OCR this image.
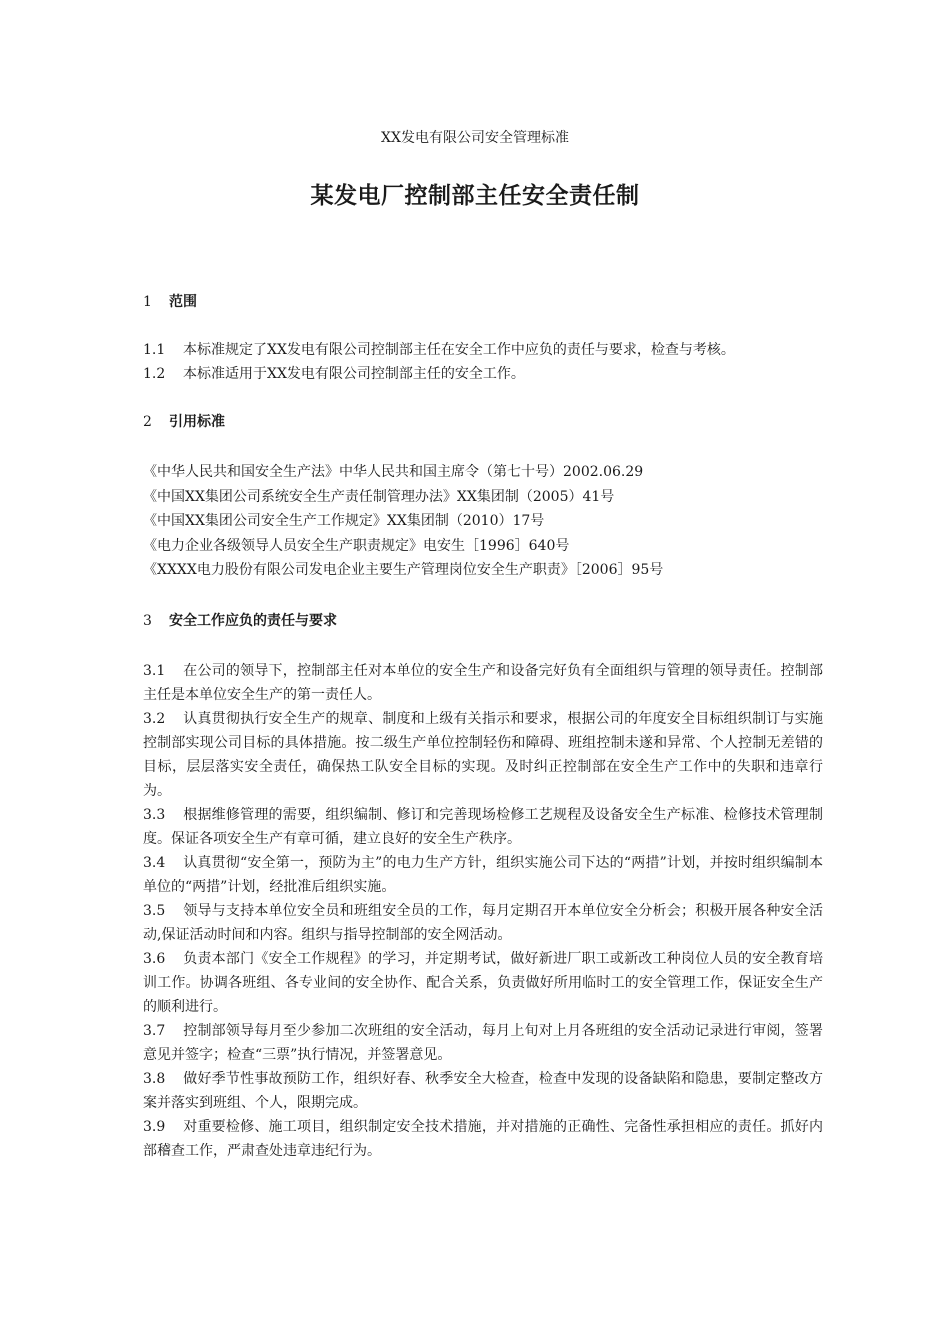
XX发电有限公司安全管理标准
某发电厂控制部主任安全责任制
1 范围

1.1 本标准规定了XX发电有限公司控制部主任在安全工作中应负的责任与要求，检查与考核。

1.2 本标准适用于XX发电有限公司控制部主任的安全工作。

2 引用标准

《中华人民共和国安全生产法》中华人民共和国主席令（第七十号）2002.06.29

《中国XX集团公司系统安全生产责任制管理办法》XX集团制（2005）41号

《中国XX集团公司安全生产工作规定》XX集团制（2010）17号

《电力企业各级领导人员安全生产职责规定》电安生［1996］640号

《XXXX电力股份有限公司发电企业主要生产管理岗位安全生产职责》［2006］95号

3 安全工作应负的责任与要求

3.1 在公司的领导下，控制部主任对本单位的安全生产和设备完好负有全面组织与管理的领导责任。控制部主任是本单位安全生产的第一责任人。

3.2 认真贯彻执行安全生产的规章、制度和上级有关指示和要求，根据公司的年度安全目标组织制订与实施控制部实现公司目标的具体措施。按二级生产单位控制轻伤和障碍、班组控制未遂和异常、个人控制无差错的目标，层层落实安全责任，确保热工队安全目标的实现。及时纠正控制部在安全生产工作中的失职和违章行为。

3.3 根据维修管理的需要，组织编制、修订和完善现场检修工艺规程及设备安全生产标准、检修技术管理制度。保证各项安全生产有章可循，建立良好的安全生产秩序。

3.4 认真贯彻“安全第一，预防为主”的电力生产方针，组织实施公司下达的“两措”计划，并按时组织编制本单位的“两措”计划，经批准后组织实施。

3.5 领导与支持本单位安全员和班组安全员的工作，每月定期召开本单位安全分析会；积极开展各种安全活动,保证活动时间和内容。组织与指导控制部的安全网活动。

3.6 负责本部门《安全工作规程》的学习，并定期考试，做好新进厂职工或新改工种岗位人员的安全教育培训工作。协调各班组、各专业间的安全协作、配合关系，负责做好所用临时工的安全管理工作，保证安全生产的顺利进行。

3.7 控制部领导每月至少参加二次班组的安全活动，每月上旬对上月各班组的安全活动记录进行审阅，签署意见并签字；检查“三票”执行情况，并签署意见。

3.8 做好季节性事故预防工作，组织好春、秋季安全大检查，检查中发现的设备缺陷和隐患，要制定整改方案并落实到班组、个人，限期完成。

3.9 对重要检修、施工项目，组织制定安全技术措施，并对措施的正确性、完备性承担相应的责任。抓好内部稽查工作，严肃查处违章违纪行为。
